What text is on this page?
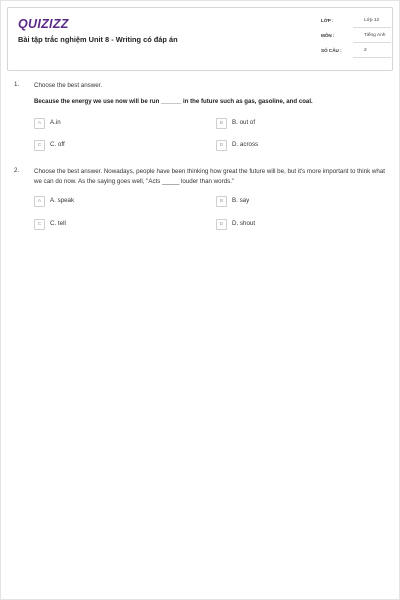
QUIZIZZ
Bài tập trắc nghiệm Unit 8 - Writing có đáp án
LỚP :	Lớp 12
MÔN :	Tiếng Anh
SỐ CÂU :	2
1. Choose the best answer.
Because the energy we use now will be run ______ in the future such as gas, gasoline, and coal.
A	A.in	B	B. out of
C	C. off	D	D. across
2. Choose the best answer. Nowadays, people have been thinking how great the future will be, but it's more important to think what we can do now. As the saying goes well, "Acts _____ louder than words."
A	A. speak	B	B. say
C	C. tell	D	D. shout
